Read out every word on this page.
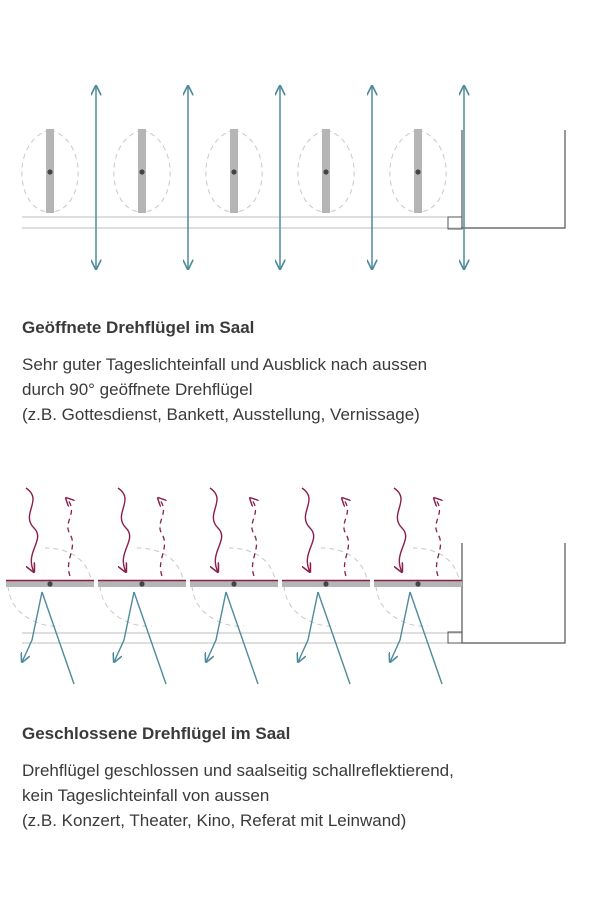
Geöffnete Drehflügel im Saal

Sehr guter Tageslichteinfall und Ausblick nach aussen
durch 90° geöffnete Drehflügel
(z.B. Gottesdienst, Bankett, Ausstellung, Vernissage)

Geschlossene Drehflügel im Saal

Drehflügel geschlossen und saalseitig schallreflektierend,
kein Tageslichteinfall von aussen
(z.B. Konzert, Theater, Kino, Referat mit Leinwand)
